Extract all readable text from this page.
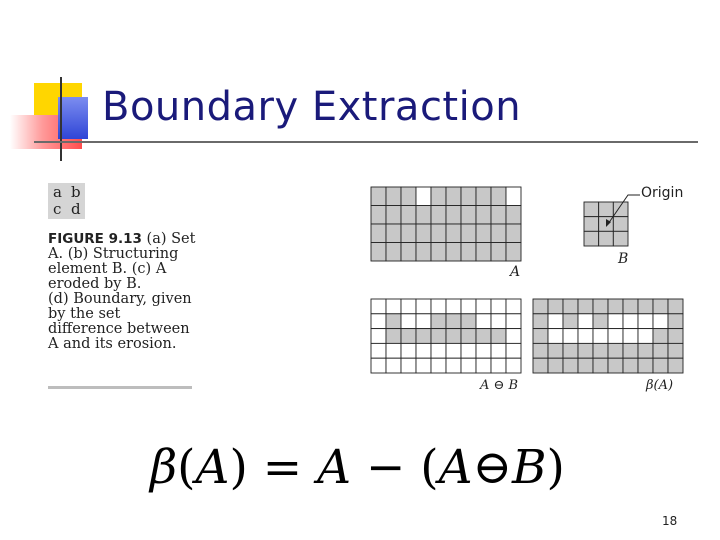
Boundary Extraction
a b
c d
FIGURE 9.13 (a) Set
A. (b) Structuring
element B. (c) A
eroded by B.
(d) Boundary, given
by the set
difference between
A and its erosion.
A
B
Origin
A ⊖ B	β(A)
β(A) = A − (A⊖B)
18
